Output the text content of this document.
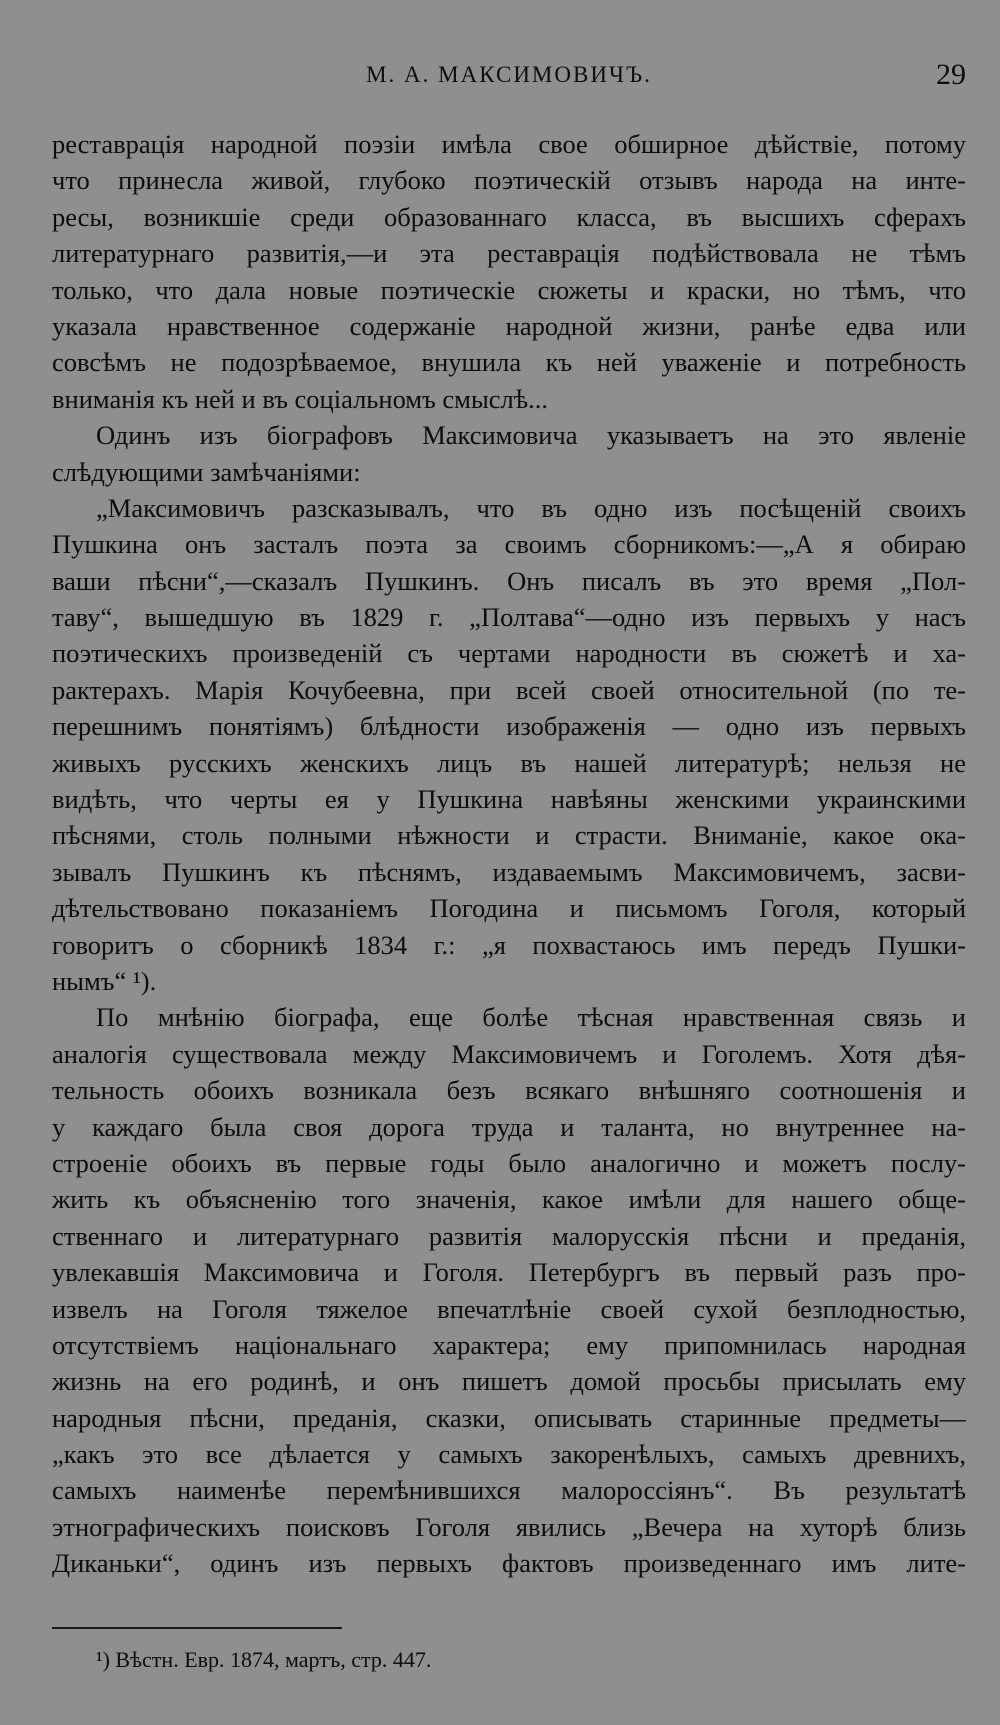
М. А. МАКСИМОВИЧЪ.	29
реставрація народной поэзіи имѣла свое обширное дѣйствіе, потому
что принесла живой, глубоко поэтическій отзывъ народа на инте-
ресы, возникшіе среди образованнаго класса, въ высшихъ сферахъ
литературнаго развитія,—и эта реставрація подѣйствовала не тѣмъ
только, что дала новые поэтическіе сюжеты и краски, но тѣмъ, что
указала нравственное содержаніе народной жизни, ранѣе едва или
совсѣмъ не подозрѣваемое, внушила къ ней уваженіе и потребность
вниманія къ ней и въ соціальномъ смыслѣ...
Одинъ изъ біографовъ Максимовича указываетъ на это явленіе
слѣдующими замѣчаніями:
„Максимовичъ разсказывалъ, что въ одно изъ посѣщеній своихъ
Пушкина онъ засталъ поэта за своимъ сборникомъ:—„А я обираю
ваши пѣсни“,—сказалъ Пушкинъ. Онъ писалъ въ это время „Пол-
таву“, вышедшую въ 1829 г. „Полтава“—одно изъ первыхъ у насъ
поэтическихъ произведеній съ чертами народности въ сюжетѣ и ха-
рактерахъ. Марія Кочубеевна, при всей своей относительной (по те-
перешнимъ понятіямъ) блѣдности изображенія — одно изъ первыхъ
живыхъ русскихъ женскихъ лицъ въ нашей литературѣ; нельзя не
видѣть, что черты ея у Пушкина навѣяны женскими украинскими
пѣснями, столь полными нѣжности и страсти. Вниманіе, какое ока-
зывалъ Пушкинъ къ пѣснямъ, издаваемымъ Максимовичемъ, засви-
дѣтельствовано показаніемъ Погодина и письмомъ Гоголя, который
говоритъ о сборникѣ 1834 г.: „я похвастаюсь имъ передъ Пушки-
нымъ“ ¹).
По мнѣнію біографа, еще болѣе тѣсная нравственная связь и
аналогія существовала между Максимовичемъ и Гоголемъ. Хотя дѣя-
тельность обоихъ возникала безъ всякаго внѣшняго соотношенія и
у каждаго была своя дорога труда и таланта, но внутреннее на-
строеніе обоихъ въ первые годы было аналогично и можетъ послу-
жить къ объясненію того значенія, какое имѣли для нашего обще-
ственнаго и литературнаго развитія малорусскія пѣсни и преданія,
увлекавшія Максимовича и Гоголя. Петербургъ въ первый разъ про-
извелъ на Гоголя тяжелое впечатлѣніе своей сухой безплодностью,
отсутствіемъ національнаго характера; ему припомнилась народная
жизнь на его родинѣ, и онъ пишетъ домой просьбы присылать ему
народныя пѣсни, преданія, сказки, описывать старинные предметы—
„какъ это все дѣлается у самыхъ закоренѣлыхъ, самыхъ древнихъ,
самыхъ наименѣе перемѣнившихся малороссіянъ“. Въ результатѣ
этнографическихъ поисковъ Гоголя явились „Вечера на хуторѣ близь
Диканьки“, одинъ изъ первыхъ фактовъ произведеннаго имъ лите-
¹) Вѣстн. Евр. 1874, мартъ, стр. 447.
